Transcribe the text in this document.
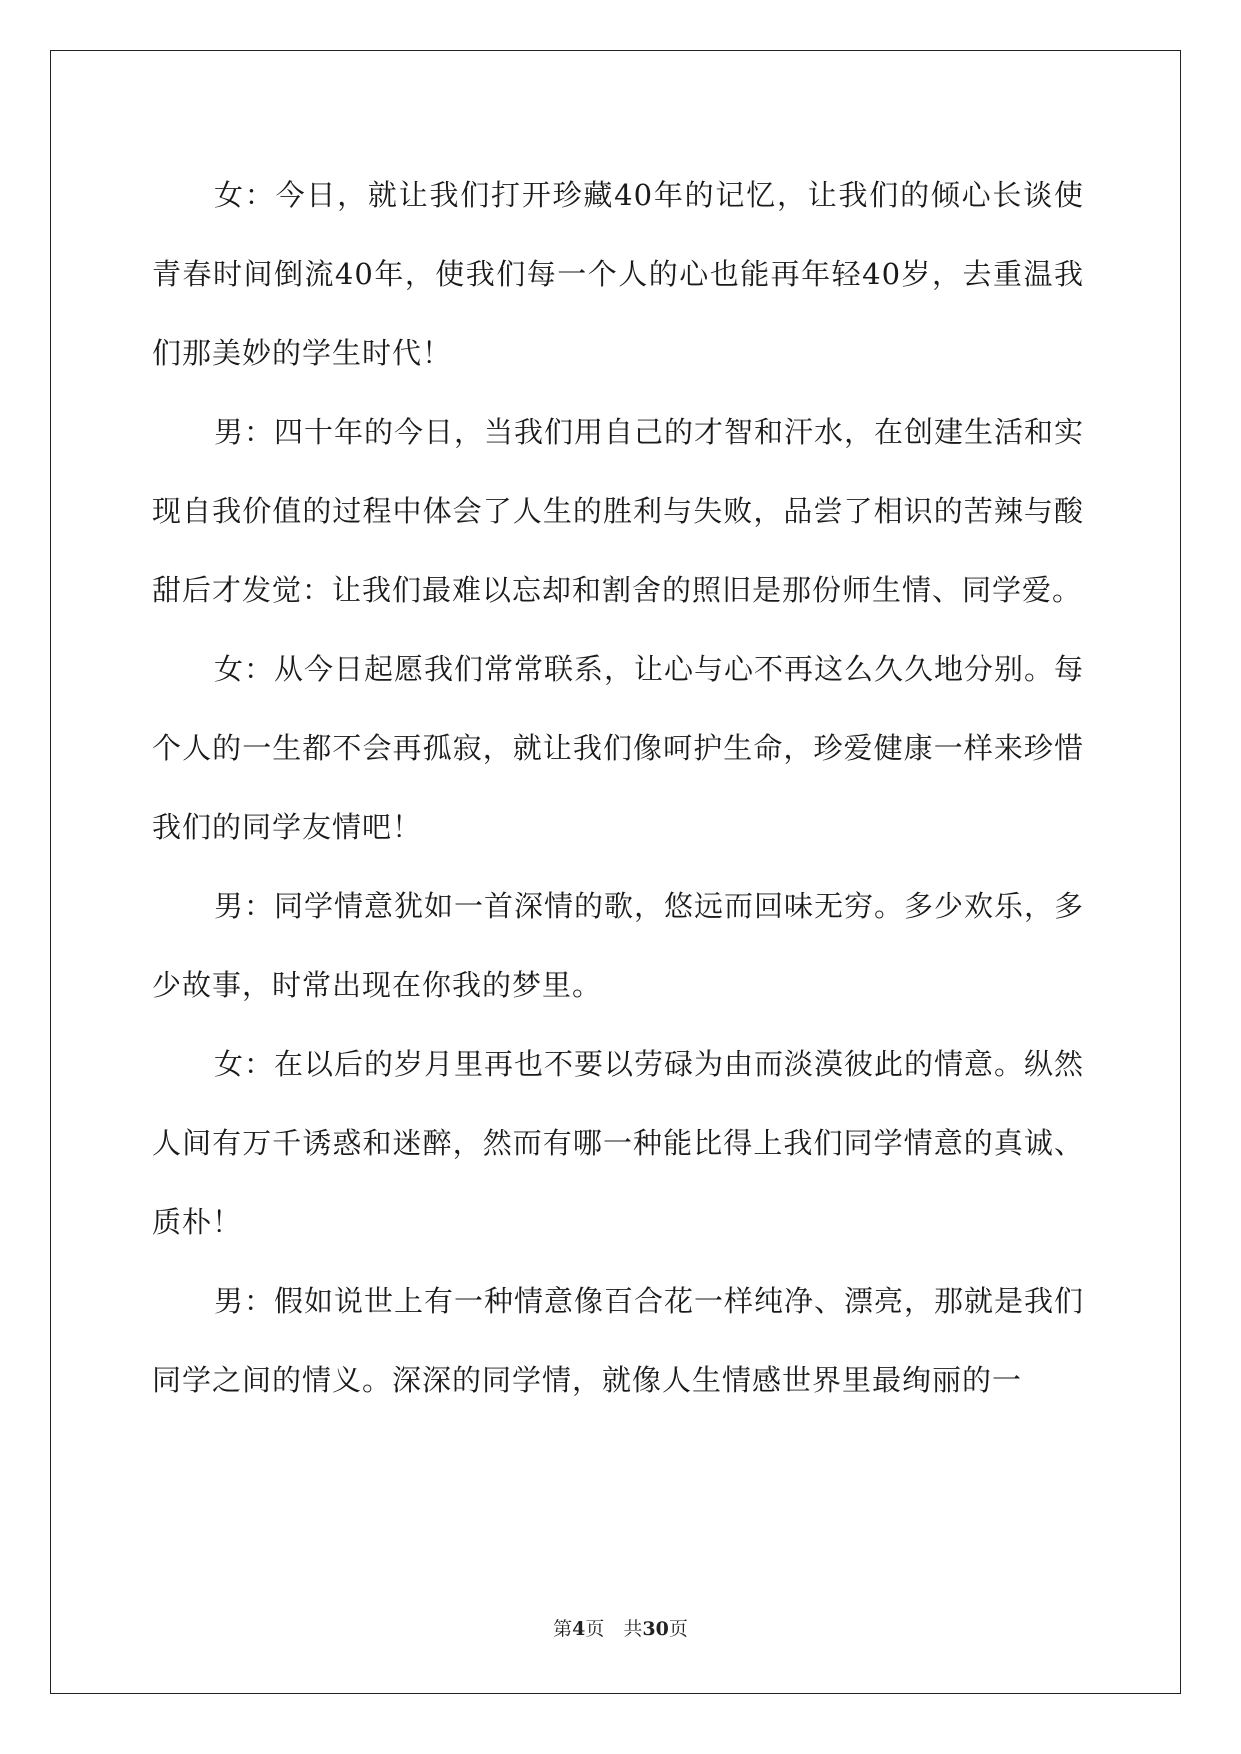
女：今日，就让我们打开珍藏40年的记忆，让我们的倾心长谈使青春时间倒流40年，使我们每一个人的心也能再年轻40岁，去重温我们那美妙的学生时代！

男：四十年的今日，当我们用自己的才智和汗水，在创建生活和实现自我价值的过程中体会了人生的胜利与失败，品尝了相识的苦辣与酸甜后才发觉：让我们最难以忘却和割舍的照旧是那份师生情、同学爱。

女：从今日起愿我们常常联系，让心与心不再这么久久地分别。每个人的一生都不会再孤寂，就让我们像呵护生命，珍爱健康一样来珍惜我们的同学友情吧！

男：同学情意犹如一首深情的歌，悠远而回味无穷。多少欢乐，多少故事，时常出现在你我的梦里。

女：在以后的岁月里再也不要以劳碌为由而淡漠彼此的情意。纵然人间有万千诱惑和迷醉，然而有哪一种能比得上我们同学情意的真诚、质朴！

男：假如说世上有一种情意像百合花一样纯净、漂亮，那就是我们同学之间的情义。深深的同学情，就像人生情感世界里最绚丽的一

第4页　共30页
